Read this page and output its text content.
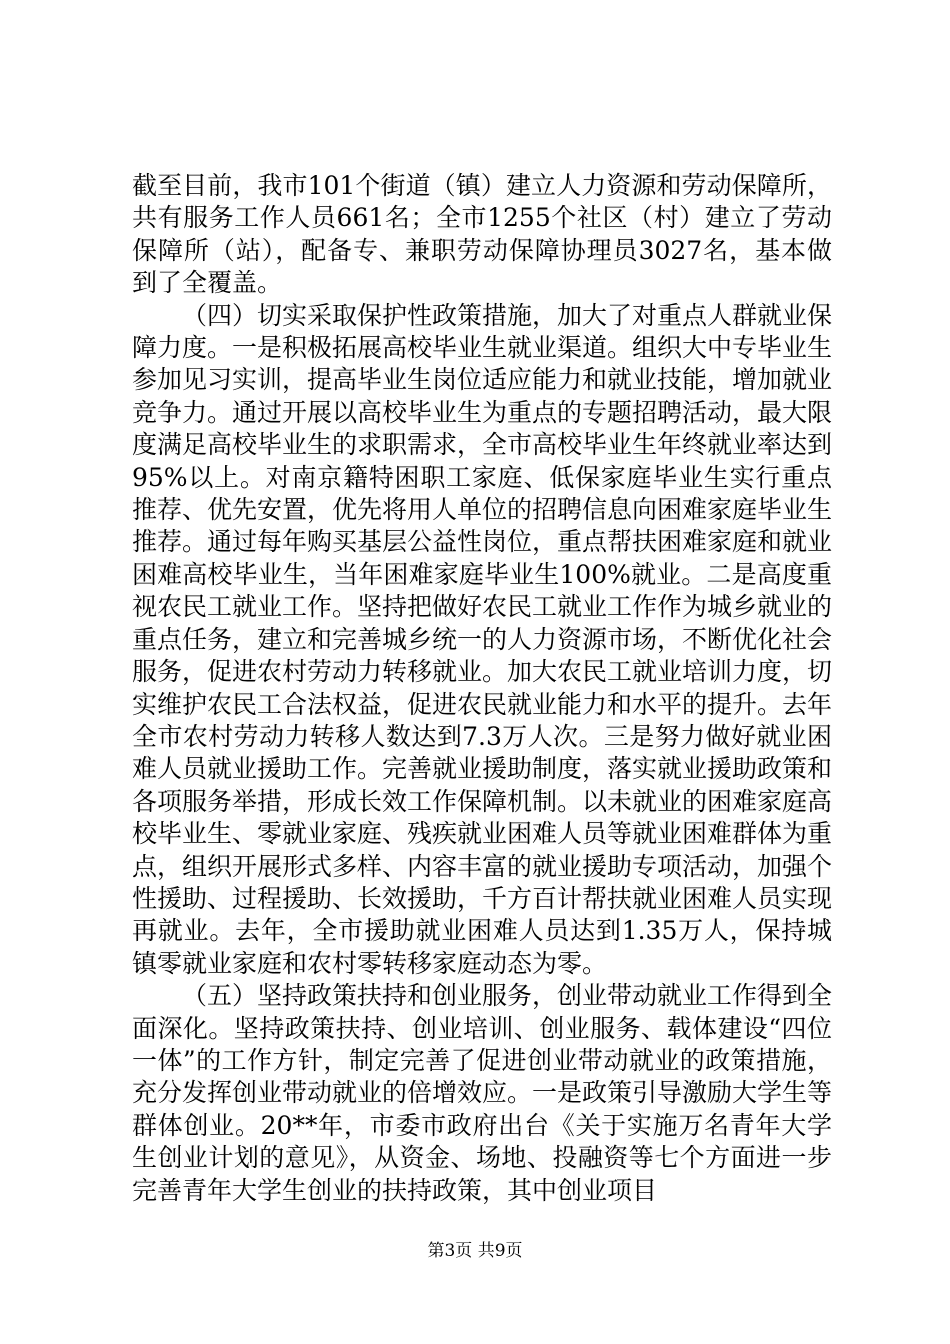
截至目前，我市101个街道（镇）建立人力资源和劳动保障所，共有服务工作人员661名；全市1255个社区（村）建立了劳动保障所（站），配备专、兼职劳动保障协理员3027名，基本做到了全覆盖。

（四）切实采取保护性政策措施，加大了对重点人群就业保障力度。一是积极拓展高校毕业生就业渠道。组织大中专毕业生参加见习实训，提高毕业生岗位适应能力和就业技能，增加就业竞争力。通过开展以高校毕业生为重点的专题招聘活动，最大限度满足高校毕业生的求职需求，全市高校毕业生年终就业率达到95%以上。对南京籍特困职工家庭、低保家庭毕业生实行重点推荐、优先安置，优先将用人单位的招聘信息向困难家庭毕业生推荐。通过每年购买基层公益性岗位，重点帮扶困难家庭和就业困难高校毕业生，当年困难家庭毕业生100%就业。二是高度重视农民工就业工作。坚持把做好农民工就业工作作为城乡就业的重点任务，建立和完善城乡统一的人力资源市场，不断优化社会服务，促进农村劳动力转移就业。加大农民工就业培训力度，切实维护农民工合法权益，促进农民就业能力和水平的提升。去年全市农村劳动力转移人数达到7.3万人次。三是努力做好就业困难人员就业援助工作。完善就业援助制度，落实就业援助政策和各项服务举措，形成长效工作保障机制。以未就业的困难家庭高校毕业生、零就业家庭、残疾就业困难人员等就业困难群体为重点，组织开展形式多样、内容丰富的就业援助专项活动，加强个性援助、过程援助、长效援助，千方百计帮扶就业困难人员实现再就业。去年，全市援助就业困难人员达到1.35万人，保持城镇零就业家庭和农村零转移家庭动态为零。

（五）坚持政策扶持和创业服务，创业带动就业工作得到全面深化。坚持政策扶持、创业培训、创业服务、载体建设“四位一体”的工作方针，制定完善了促进创业带动就业的政策措施，充分发挥创业带动就业的倍增效应。一是政策引导激励大学生等群体创业。20**年，市委市政府出台《关于实施万名青年大学生创业计划的意见》，从资金、场地、投融资等七个方面进一步完善青年大学生创业的扶持政策，其中创业项目

第3页 共9页
